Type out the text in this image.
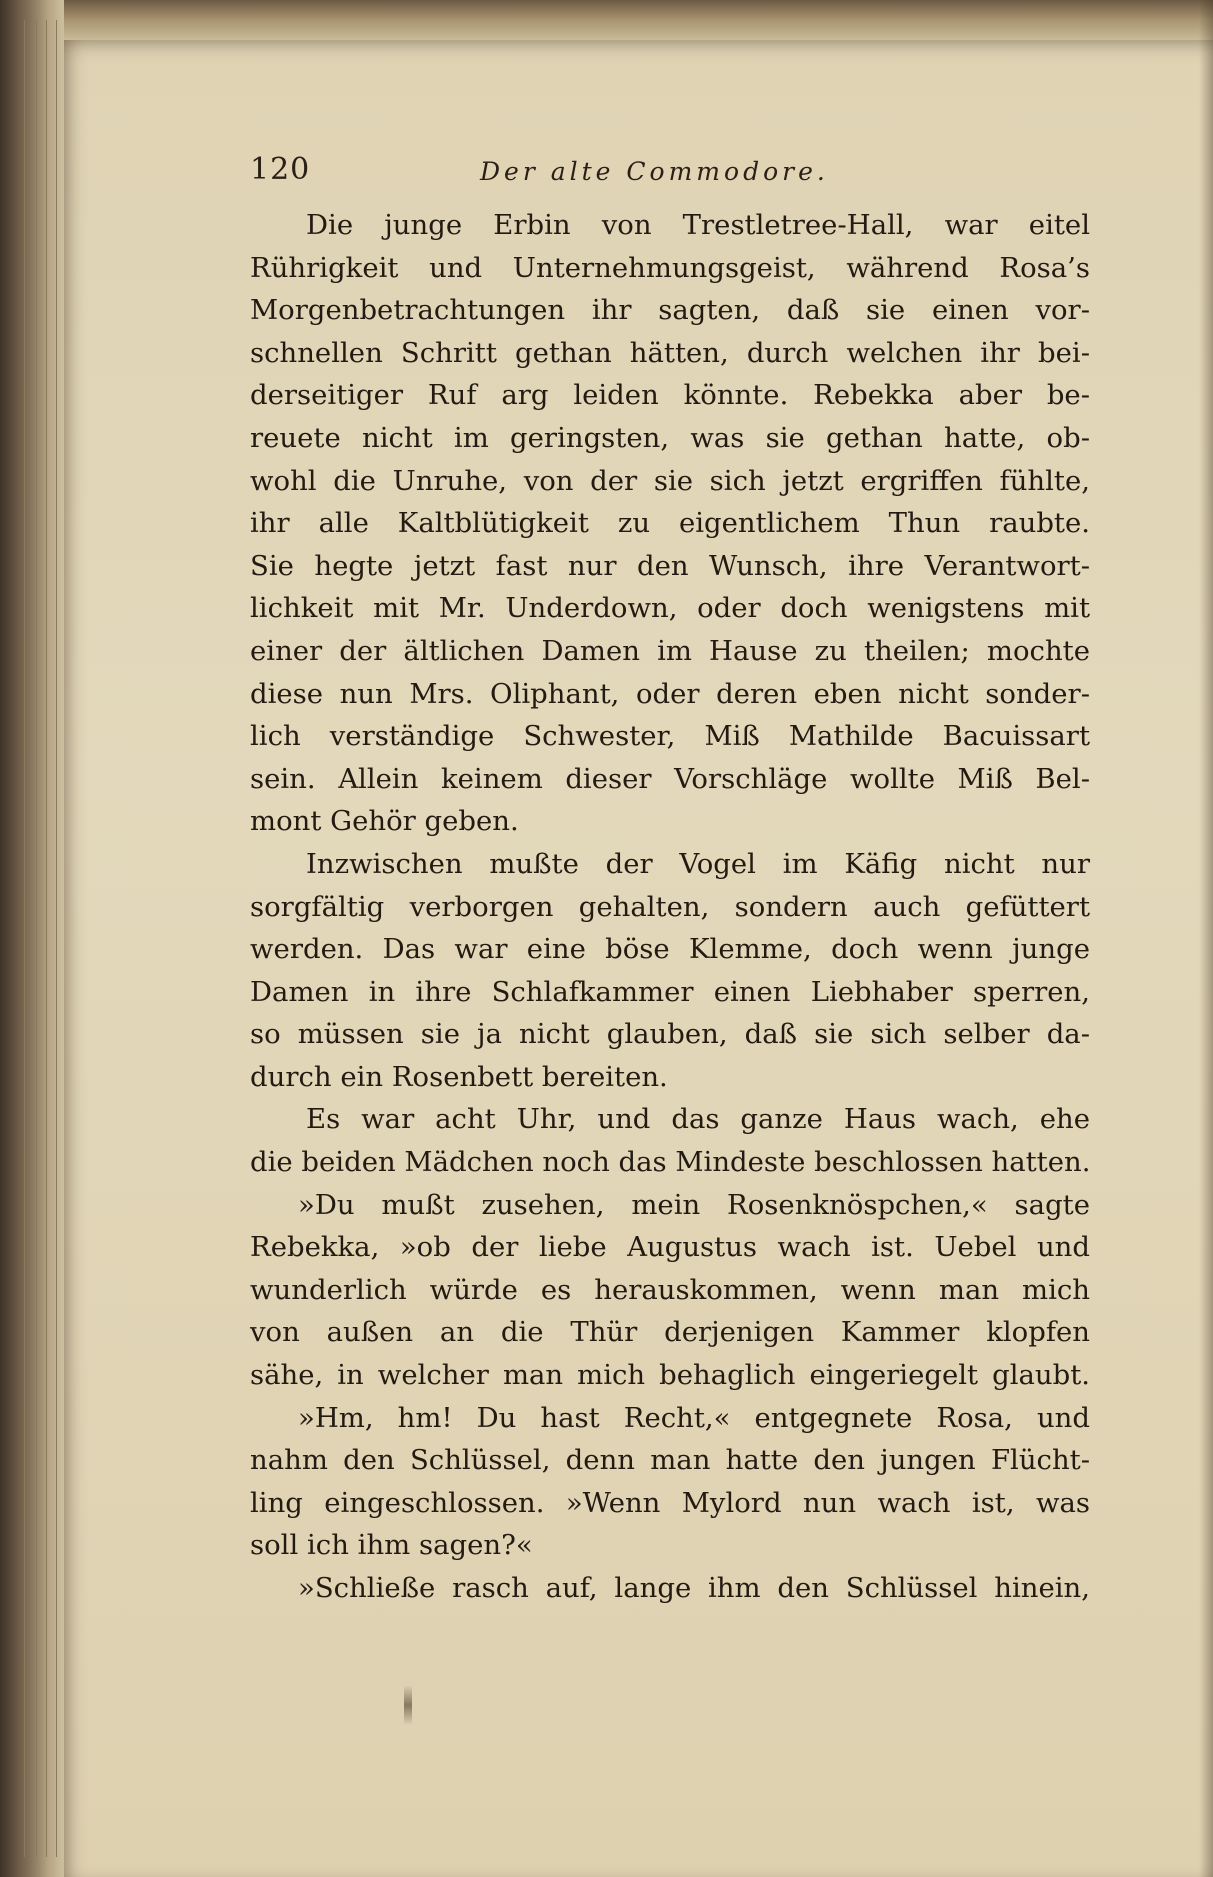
120	Der alte Commodore.
Die junge Erbin von Trestletree-Hall, war eitel
Rührigkeit und Unternehmungsgeist, während Rosa’s
Morgenbetrachtungen ihr sagten, daß sie einen vor-
schnellen Schritt gethan hätten, durch welchen ihr bei-
derseitiger Ruf arg leiden könnte. Rebekka aber be-
reuete nicht im geringsten, was sie gethan hatte, ob-
wohl die Unruhe, von der sie sich jetzt ergriffen fühlte,
ihr alle Kaltblütigkeit zu eigentlichem Thun raubte.
Sie hegte jetzt fast nur den Wunsch, ihre Verantwort-
lichkeit mit Mr. Underdown, oder doch wenigstens mit
einer der ältlichen Damen im Hause zu theilen; mochte
diese nun Mrs. Oliphant, oder deren eben nicht sonder-
lich verständige Schwester, Miß Mathilde Bacuissart
sein. Allein keinem dieser Vorschläge wollte Miß Bel-
mont Gehör geben.
Inzwischen mußte der Vogel im Käfig nicht nur
sorgfältig verborgen gehalten, sondern auch gefüttert
werden. Das war eine böse Klemme, doch wenn junge
Damen in ihre Schlafkammer einen Liebhaber sperren,
so müssen sie ja nicht glauben, daß sie sich selber da-
durch ein Rosenbett bereiten.
Es war acht Uhr, und das ganze Haus wach, ehe
die beiden Mädchen noch das Mindeste beschlossen hatten.
»Du mußt zusehen, mein Rosenknöspchen,« sagte
Rebekka, »ob der liebe Augustus wach ist. Uebel und
wunderlich würde es herauskommen, wenn man mich
von außen an die Thür derjenigen Kammer klopfen
sähe, in welcher man mich behaglich eingeriegelt glaubt.
»Hm, hm! Du hast Recht,« entgegnete Rosa, und
nahm den Schlüssel, denn man hatte den jungen Flücht-
ling eingeschlossen. »Wenn Mylord nun wach ist, was
soll ich ihm sagen?«
»Schließe rasch auf, lange ihm den Schlüssel hinein,
